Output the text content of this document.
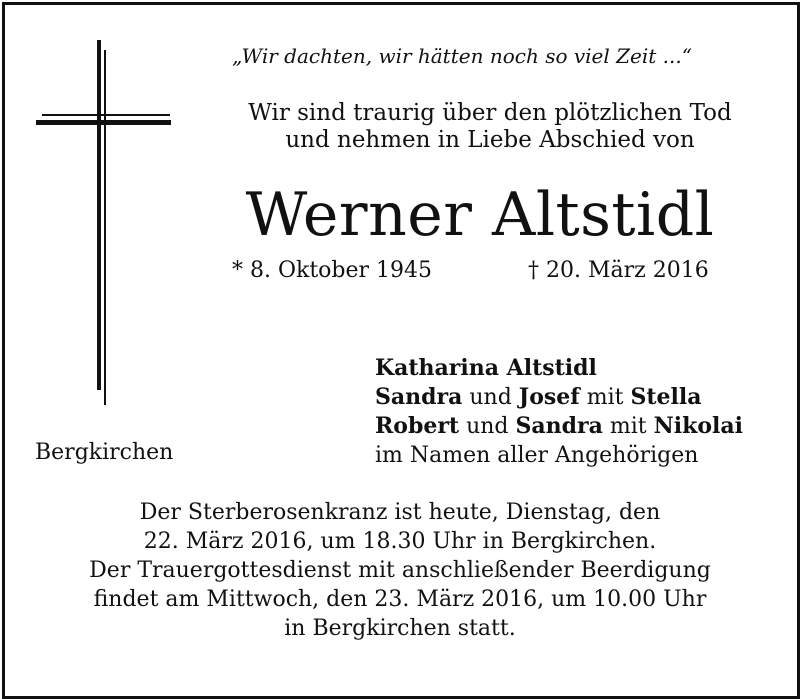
„Wir dachten, wir hätten noch so viel Zeit ...“
Wir sind traurig über den plötzlichen Tod
und nehmen in Liebe Abschied von
Werner Altstidl
* 8. Oktober 1945	† 20. März 2016
Katharina Altstidl
Sandra und Josef mit Stella
Robert und Sandra mit Nikolai
im Namen aller Angehörigen
Bergkirchen
Der Sterberosenkranz ist heute, Dienstag, den
22. März 2016, um 18.30 Uhr in Bergkirchen.
Der Trauergottesdienst mit anschließender Beerdigung
findet am Mittwoch, den 23. März 2016, um 10.00 Uhr
in Bergkirchen statt.
